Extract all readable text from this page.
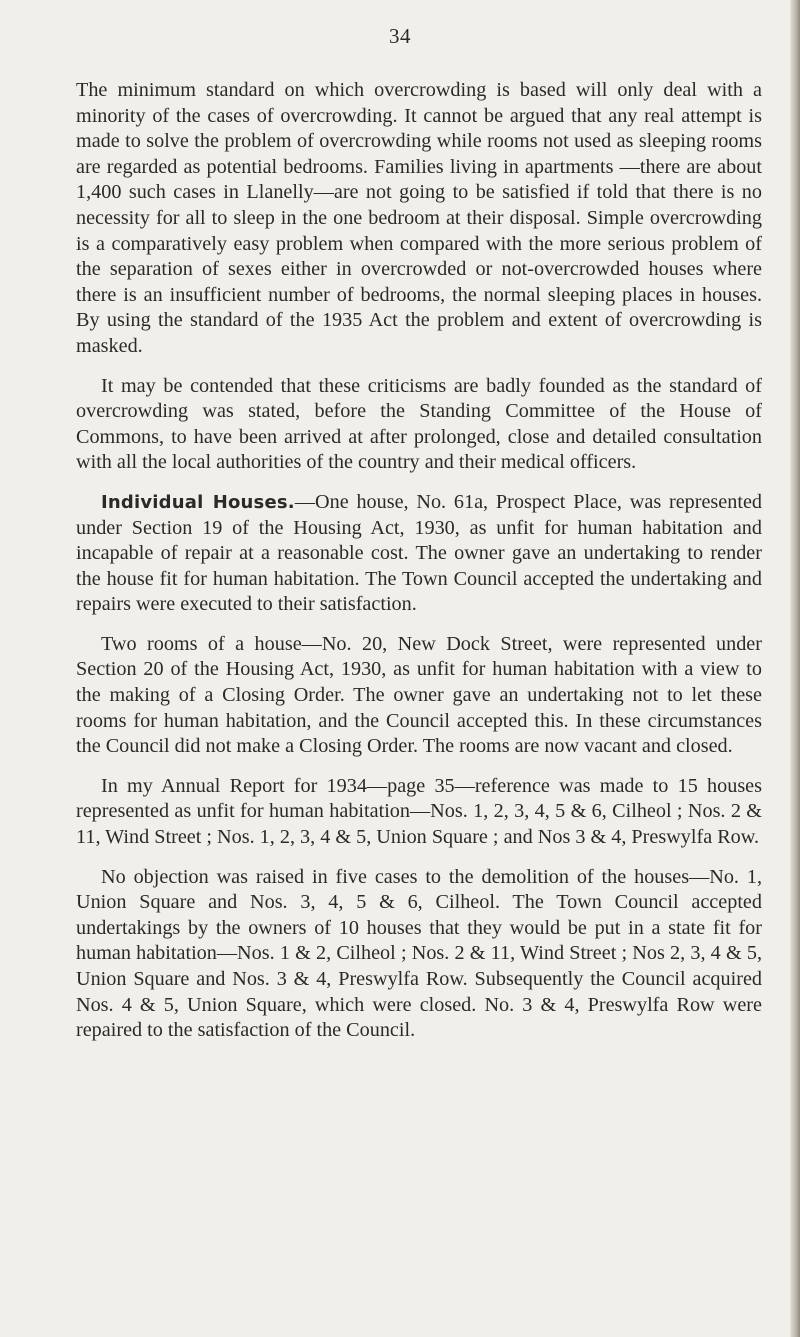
34

The minimum standard on which overcrowding is based will only deal with a minority of the cases of overcrowding. It cannot be argued that any real attempt is made to solve the problem of overcrowding while rooms not used as sleeping rooms are regarded as potential bedrooms. Families living in apartments —there are about 1,400 such cases in Llanelly—are not going to be satisfied if told that there is no necessity for all to sleep in the one bedroom at their disposal. Simple overcrowding is a comparatively easy problem when compared with the more serious problem of the separation of sexes either in overcrowded or not-overcrowded houses where there is an insufficient number of bedrooms, the normal sleeping places in houses. By using the standard of the 1935 Act the problem and extent of overcrowding is masked.

It may be contended that these criticisms are badly founded as the standard of overcrowding was stated, before the Standing Committee of the House of Commons, to have been arrived at after prolonged, close and detailed consultation with all the local authorities of the country and their medical officers.

Individual Houses.—One house, No. 61a, Prospect Place, was represented under Section 19 of the Housing Act, 1930, as unfit for human habitation and incapable of repair at a reasonable cost. The owner gave an undertaking to render the house fit for human habitation. The Town Council accepted the undertaking and repairs were executed to their satisfaction.

Two rooms of a house—No. 20, New Dock Street, were represented under Section 20 of the Housing Act, 1930, as unfit for human habitation with a view to the making of a Closing Order. The owner gave an undertaking not to let these rooms for human habitation, and the Council accepted this. In these circumstances the Council did not make a Closing Order. The rooms are now vacant and closed.

In my Annual Report for 1934—page 35—reference was made to 15 houses represented as unfit for human habitation—Nos. 1, 2, 3, 4, 5 & 6, Cilheol ; Nos. 2 & 11, Wind Street ; Nos. 1, 2, 3, 4 & 5, Union Square ; and Nos 3 & 4, Preswylfa Row.

No objection was raised in five cases to the demolition of the houses—No. 1, Union Square and Nos. 3, 4, 5 & 6, Cilheol. The Town Council accepted undertakings by the owners of 10 houses that they would be put in a state fit for human habitation—Nos. 1 & 2, Cilheol ; Nos. 2 & 11, Wind Street ; Nos 2, 3, 4 & 5, Union Square and Nos. 3 & 4, Preswylfa Row. Subsequently the Council acquired Nos. 4 & 5, Union Square, which were closed. No. 3 & 4, Preswylfa Row were repaired to the satisfaction of the Council.
